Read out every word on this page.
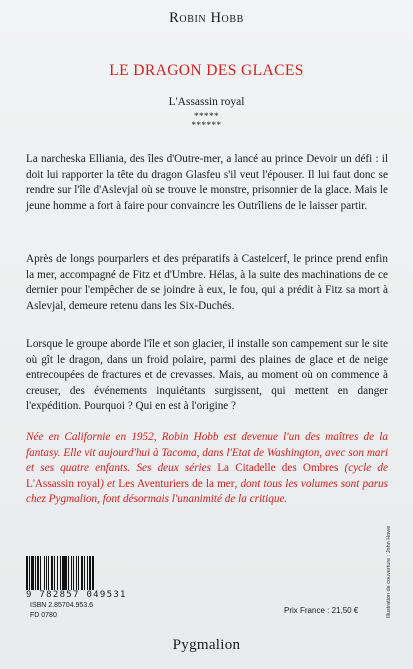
Robin Hobb
LE DRAGON DES GLACES
L'Assassin royal
*****
******

La narcheska Elliania, des îles d'Outre-mer, a lancé au prince Devoir un défi : il doit lui rapporter la tête du dragon Glasfeu s'il veut l'épouser. Il lui faut donc se rendre sur l'île d'Aslevjal où se trouve le monstre, prisonnier de la glace. Mais le jeune homme a fort à faire pour convaincre les Outrîliens de le laisser partir.

Après de longs pourparlers et des préparatifs à Castelcerf, le prince prend enfin la mer, accompagné de Fitz et d'Umbre. Hélas, à la suite des machinations de ce dernier pour l'empêcher de se joindre à eux, le fou, qui a prédit à Fitz sa mort à Aslevjal, demeure retenu dans les Six-Duchés.

Lorsque le groupe aborde l'île et son glacier, il installe son campement sur le site où gît le dragon, dans un froid polaire, parmi des plaines de glace et de neige entrecoupées de fractures et de crevasses. Mais, au moment où on commence à creuser, des événements inquiétants surgissent, qui mettent en danger l'expédition. Pourquoi ? Qui en est à l'origine ?

Née en Californie en 1952, Robin Hobb est devenue l'un des maîtres de la fantasy. Elle vit aujourd'hui à Tacoma, dans l'Etat de Washington, avec son mari et ses quatre enfants. Ses deux séries La Citadelle des Ombres (cycle de L'Assassin royal) et Les Aventuriers de la mer, dont tous les volumes sont parus chez Pygmalion, font désormais l'unanimité de la critique.

9 782857 049531
ISBN 2.85704.953.6
FD 0780
Prix France : 21,50 €	Illustration de couverture : John Howe
Pygmalion
